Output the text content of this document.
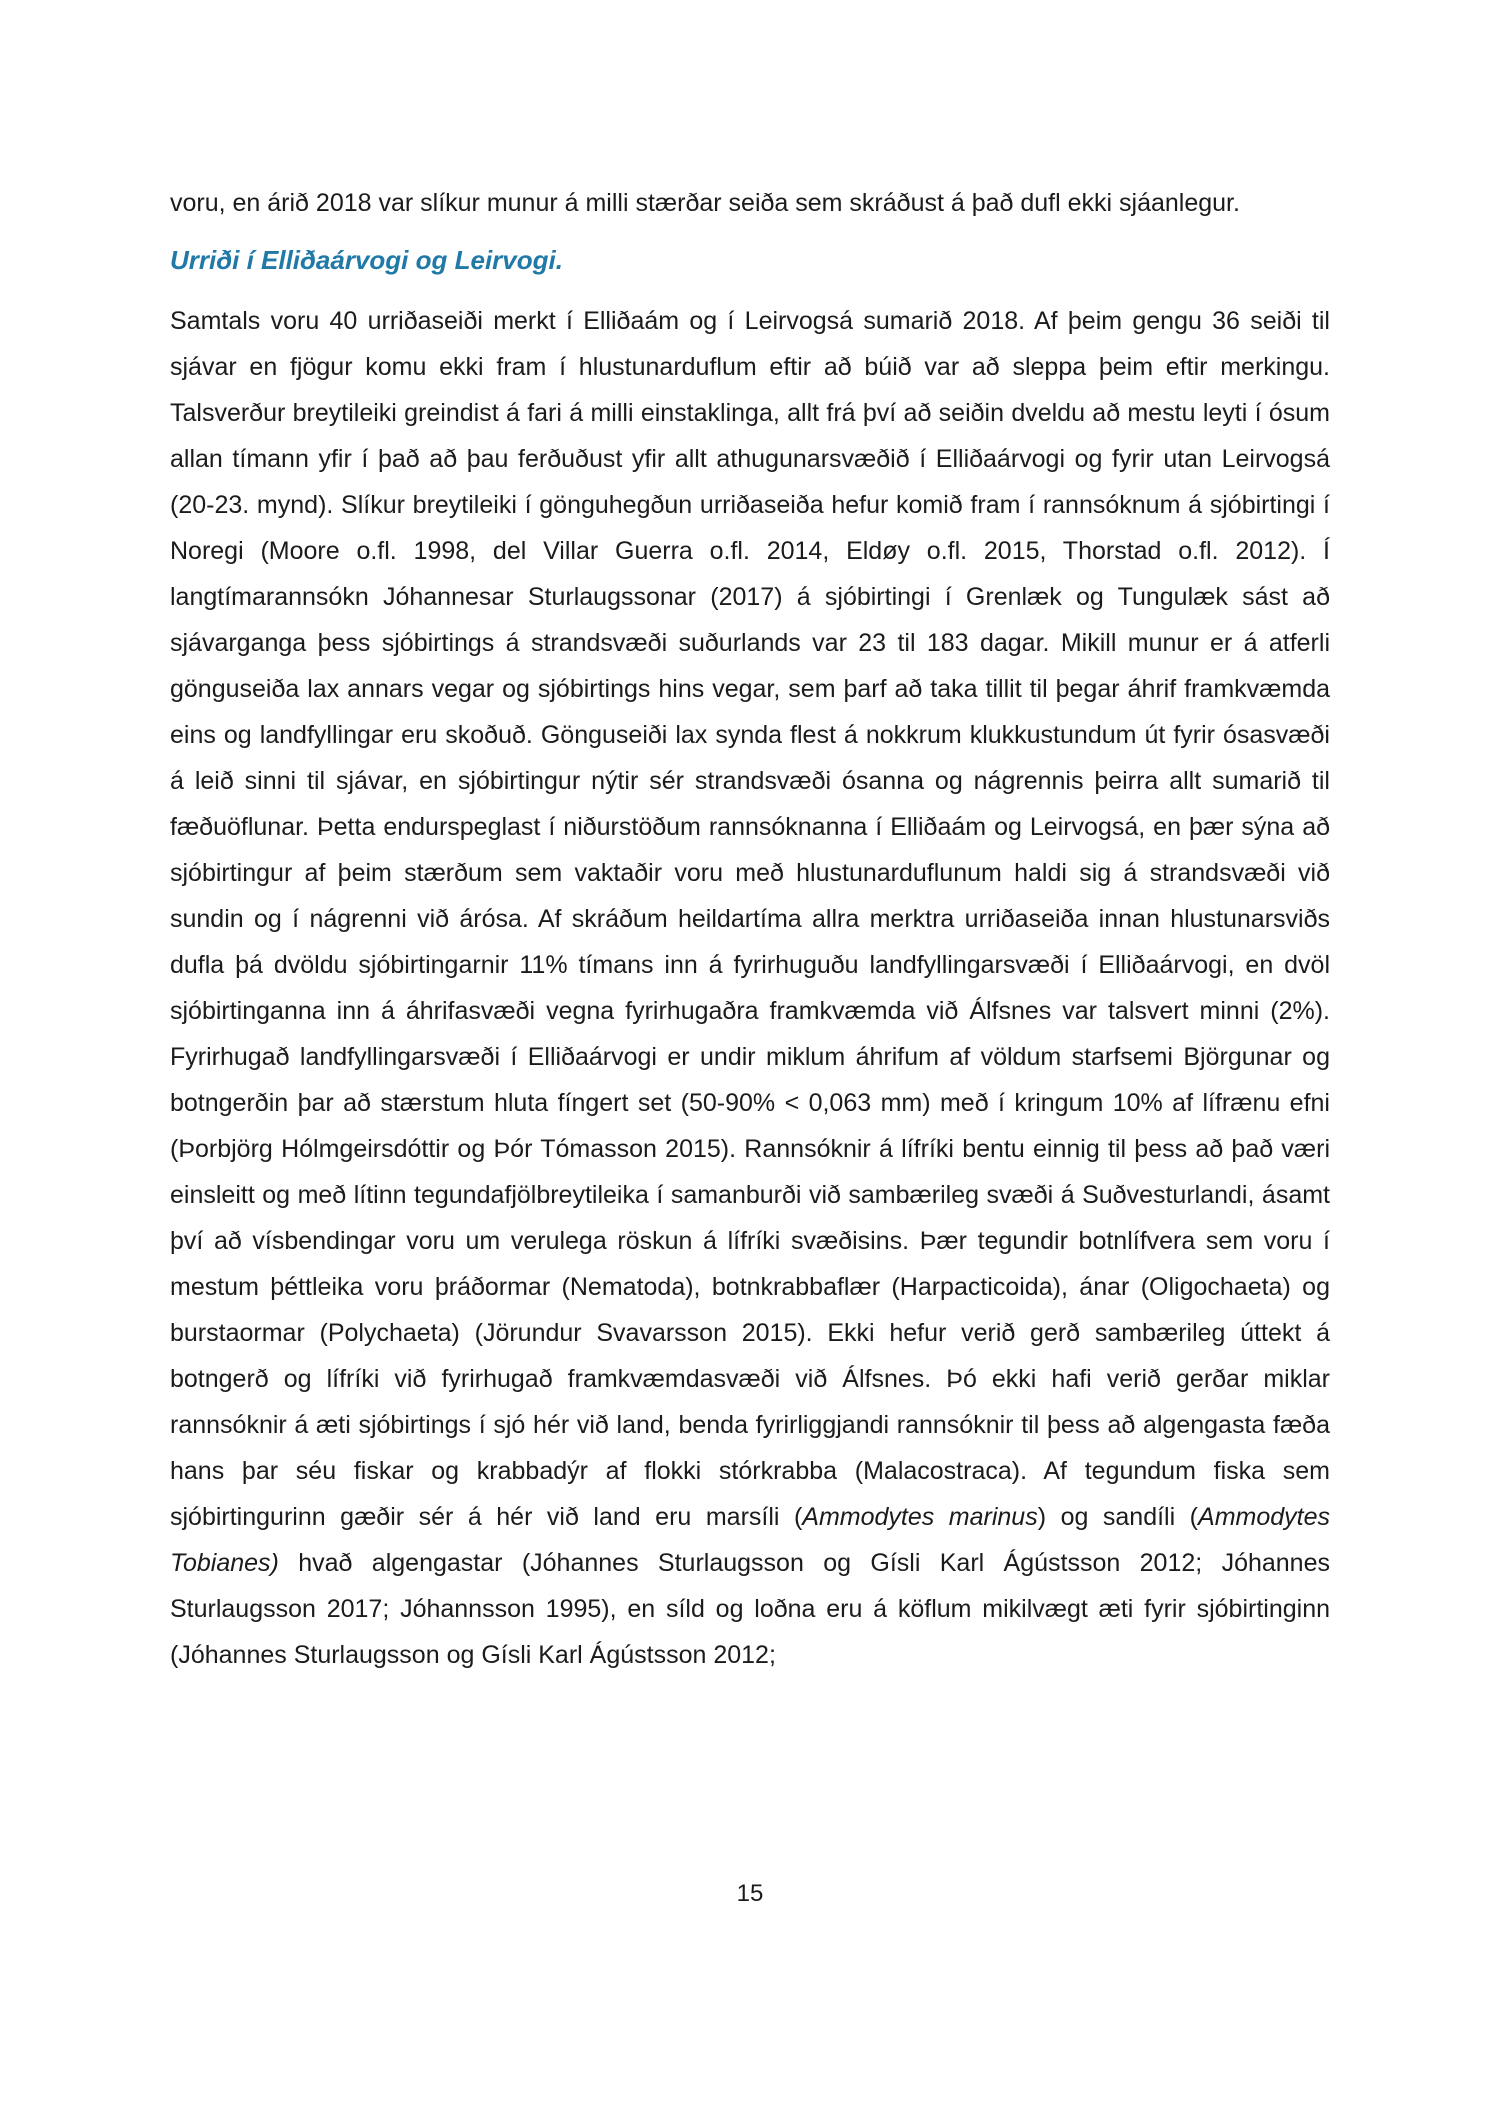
voru, en árið 2018 var slíkur munur á milli stærðar seiða sem skráðust á það dufl ekki sjáanlegur.

Urriði í Elliðaárvogi og Leirvogi.

Samtals voru 40 urriðaseiði merkt í Elliðaám og í Leirvogsá sumarið 2018. Af þeim gengu 36 seiði til sjávar en fjögur komu ekki fram í hlustunarduflum eftir að búið var að sleppa þeim eftir merkingu. Talsverður breytileiki greindist á fari á milli einstaklinga, allt frá því að seiðin dveldu að mestu leyti í ósum allan tímann yfir í það að þau ferðuðust yfir allt athugunarsvæðið í Elliðaárvogi og fyrir utan Leirvogsá (20-23. mynd). Slíkur breytileiki í gönguhegðun urriðaseiða hefur komið fram í rannsóknum á sjóbirtingi í Noregi (Moore o.fl. 1998, del Villar Guerra o.fl. 2014, Eldøy o.fl. 2015, Thorstad o.fl. 2012). Í langtímarannsókn Jóhannesar Sturlaugssonar (2017) á sjóbirtingi í Grenlæk og Tungulæk sást að sjávarganga þess sjóbirtings á strandsvæði suðurlands var 23 til 183 dagar. Mikill munur er á atferli gönguseiða lax annars vegar og sjóbirtings hins vegar, sem þarf að taka tillit til þegar áhrif framkvæmda eins og landfyllingar eru skoðuð. Gönguseiði lax synda flest á nokkrum klukkustundum út fyrir ósasvæði á leið sinni til sjávar, en sjóbirtingur nýtir sér strandsvæði ósanna og nágrennis þeirra allt sumarið til fæðuöflunar. Þetta endurspeglast í niðurstöðum rannsóknanna í Elliðaám og Leirvogsá, en þær sýna að sjóbirtingur af þeim stærðum sem vaktaðir voru með hlustunarduflunum haldi sig á strandsvæði við sundin og í nágrenni við árósa. Af skráðum heildartíma allra merktra urriðaseiða innan hlustunarsviðs dufla þá dvöldu sjóbirtingarnir 11% tímans inn á fyrirhuguðu landfyllingarsvæði í Elliðaárvogi, en dvöl sjóbirtinganna inn á áhrifasvæði vegna fyrirhugaðra framkvæmda við Álfsnes var talsvert minni (2%). Fyrirhugað landfyllingarsvæði í Elliðaárvogi er undir miklum áhrifum af völdum starfsemi Björgunar og botngerðin þar að stærstum hluta fíngert set (50-90% < 0,063 mm) með í kringum 10% af lífrænu efni (Þorbjörg Hólmgeirsdóttir og Þór Tómasson 2015). Rannsóknir á lífríki bentu einnig til þess að það væri einsleitt og með lítinn tegundafjölbreytileika í samanburði við sambærileg svæði á Suðvesturlandi, ásamt því að vísbendingar voru um verulega röskun á lífríki svæðisins. Þær tegundir botnlífvera sem voru í mestum þéttleika voru þráðormar (Nematoda), botnkrabbaflær (Harpacticoida), ánar (Oligochaeta) og burstaormar (Polychaeta) (Jörundur Svavarsson 2015). Ekki hefur verið gerð sambærileg úttekt á botngerð og lífríki við fyrirhugað framkvæmdasvæði við Álfsnes. Þó ekki hafi verið gerðar miklar rannsóknir á æti sjóbirtings í sjó hér við land, benda fyrirliggjandi rannsóknir til þess að algengasta fæða hans þar séu fiskar og krabbadýr af flokki stórkrabba (Malacostraca). Af tegundum fiska sem sjóbirtingurinn gæðir sér á hér við land eru marsíli (Ammodytes marinus) og sandíli (Ammodytes Tobianes) hvað algengastar (Jóhannes Sturlaugsson og Gísli Karl Ágústsson 2012; Jóhannes Sturlaugsson 2017; Jóhannsson 1995), en síld og loðna eru á köflum mikilvægt æti fyrir sjóbirtinginn (Jóhannes Sturlaugsson og Gísli Karl Ágústsson 2012;

15
